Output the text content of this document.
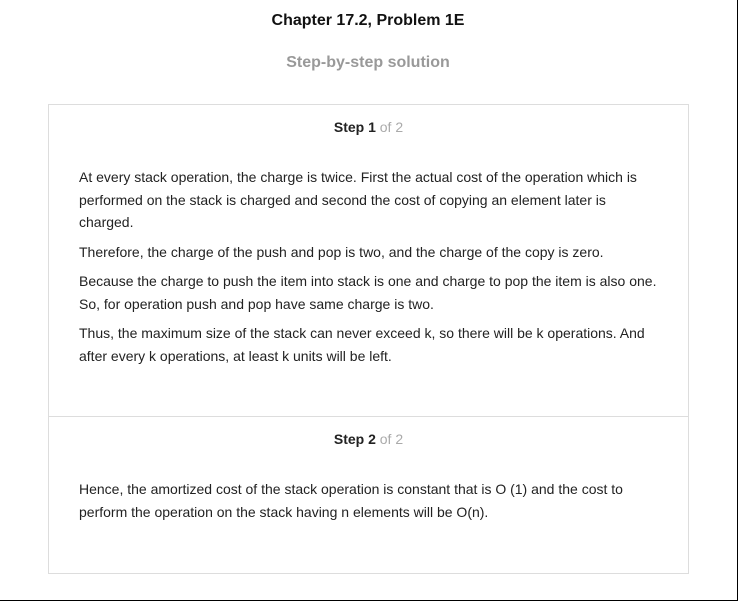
Chapter 17.2, Problem 1E
Step-by-step solution
Step 1 of 2

At every stack operation, the charge is twice. First the actual cost of the operation which is performed on the stack is charged and second the cost of copying an element later is charged.

Therefore, the charge of the push and pop is two, and the charge of the copy is zero.

Because the charge to push the item into stack is one and charge to pop the item is also one. So, for operation push and pop have same charge is two.

Thus, the maximum size of the stack can never exceed k, so there will be k operations. And after every k operations, at least k units will be left.

Step 2 of 2

Hence, the amortized cost of the stack operation is constant that is O (1) and the cost to perform the operation on the stack having n elements will be O(n).
